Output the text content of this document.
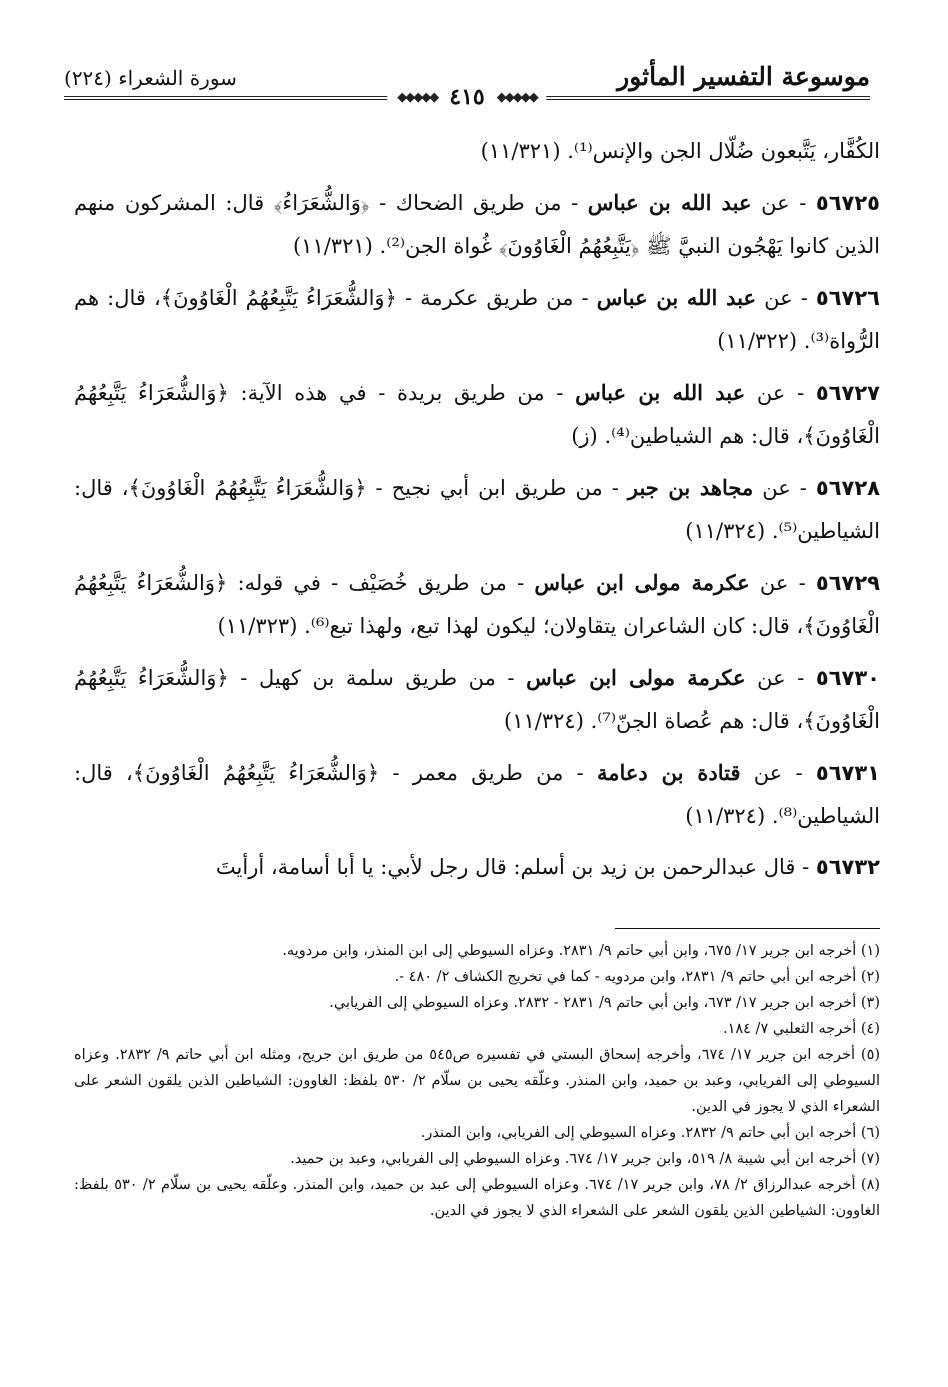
موسوعة التفسير المأثور
سورة الشعراء (٢٢٤)
◆◆◆◆◆
٤١٥
◆◆◆◆◆

الكُفَّار، يَتَّبعون ضُلّال الجن والإنس⁽¹⁾. (١١/٣٢١)

٥٦٧٢٥ - عن عبد الله بن عباس - من طريق الضحاك - ﴿وَالشُّعَرَاءُ﴾ قال: المشركون منهم الذين كانوا يَهْجُون النبيَّ ﷺ ﴿يَتَّبِعُهُمُ الْغَاوُونَ﴾ غُواة الجن⁽²⁾. (١١/٣٢١)

٥٦٧٢٦ - عن عبد الله بن عباس - من طريق عكرمة - ﴿وَالشُّعَرَاءُ يَتَّبِعُهُمُ الْغَاوُونَ﴾، قال: هم الرُّواة⁽³⁾. (١١/٣٢٢)

٥٦٧٢٧ - عن عبد الله بن عباس - من طريق بريدة - في هذه الآية: ﴿وَالشُّعَرَاءُ يَتَّبِعُهُمُ الْغَاوُونَ﴾، قال: هم الشياطين⁽⁴⁾. (ز)

٥٦٧٢٨ - عن مجاهد بن جبر - من طريق ابن أبي نجيح - ﴿وَالشُّعَرَاءُ يَتَّبِعُهُمُ الْغَاوُونَ﴾، قال: الشياطين⁽⁵⁾. (١١/٣٢٤)

٥٦٧٢٩ - عن عكرمة مولى ابن عباس - من طريق خُصَيْف - في قوله: ﴿وَالشُّعَرَاءُ يَتَّبِعُهُمُ الْغَاوُونَ﴾، قال: كان الشاعران يتقاولان؛ ليكون لهذا تبع، ولهذا تبع⁽⁶⁾. (١١/٣٢٣)

٥٦٧٣٠ - عن عكرمة مولى ابن عباس - من طريق سلمة بن كهيل - ﴿وَالشُّعَرَاءُ يَتَّبِعُهُمُ الْغَاوُونَ﴾، قال: هم عُصاة الجنّ⁽⁷⁾. (١١/٣٢٤)

٥٦٧٣١ - عن قتادة بن دعامة - من طريق معمر - ﴿وَالشُّعَرَاءُ يَتَّبِعُهُمُ الْغَاوُونَ﴾، قال: الشياطين⁽⁸⁾. (١١/٣٢٤)

٥٦٧٣٢ - قال عبدالرحمن بن زيد بن أسلم: قال رجل لأبي: يا أبا أسامة، أرأيتَ

(١) أخرجه ابن جرير ١٧/ ٦٧٥، وابن أبي حاتم ٩/ ٢٨٣١. وعزاه السيوطي إلى ابن المنذر، وابن مردويه.

(٢) أخرجه ابن أبي حاتم ٩/ ٢٨٣١، وابن مردويه - كما في تخريج الكشاف ٢/ ٤٨٠ -.

(٣) أخرجه ابن جرير ١٧/ ٦٧٣، وابن أبي حاتم ٩/ ٢٨٣١ - ٢٨٣٢. وعزاه السيوطي إلى الفريابي.

(٤) أخرجه الثعلبي ٧/ ١٨٤.

(٥) أخرجه ابن جرير ١٧/ ٦٧٤، وأخرجه إسحاق البستي في تفسيره ص٥٤٥ من طريق ابن جريج، ومثله ابن أبي حاتم ٩/ ٢٨٣٢. وعزاه السيوطي إلى الفريابي، وعبد بن حميد، وابن المنذر. وعلّقه يحيى بن سلّام ٢/ ٥٣٠ بلفظ: الغاوون: الشياطين الذين يلقون الشعر على الشعراء الذي لا يجوز في الدين.

(٦) أخرجه ابن أبي حاتم ٩/ ٢٨٣٢. وعزاه السيوطي إلى الفريابي، وابن المنذر.

(٧) أخرجه ابن أبي شيبة ٨/ ٥١٩، وابن جرير ١٧/ ٦٧٤. وعزاه السيوطي إلى الفريابي، وعبد بن حميد.

(٨) أخرجه عبدالرزاق ٢/ ٧٨، وابن جرير ١٧/ ٦٧٤. وعزاه السيوطي إلى عبد بن حميد، وابن المنذر. وعلّقه يحيى بن سلّام ٢/ ٥٣٠ بلفظ: الغاوون: الشياطين الذين يلقون الشعر على الشعراء الذي لا يجوز في الدين.
